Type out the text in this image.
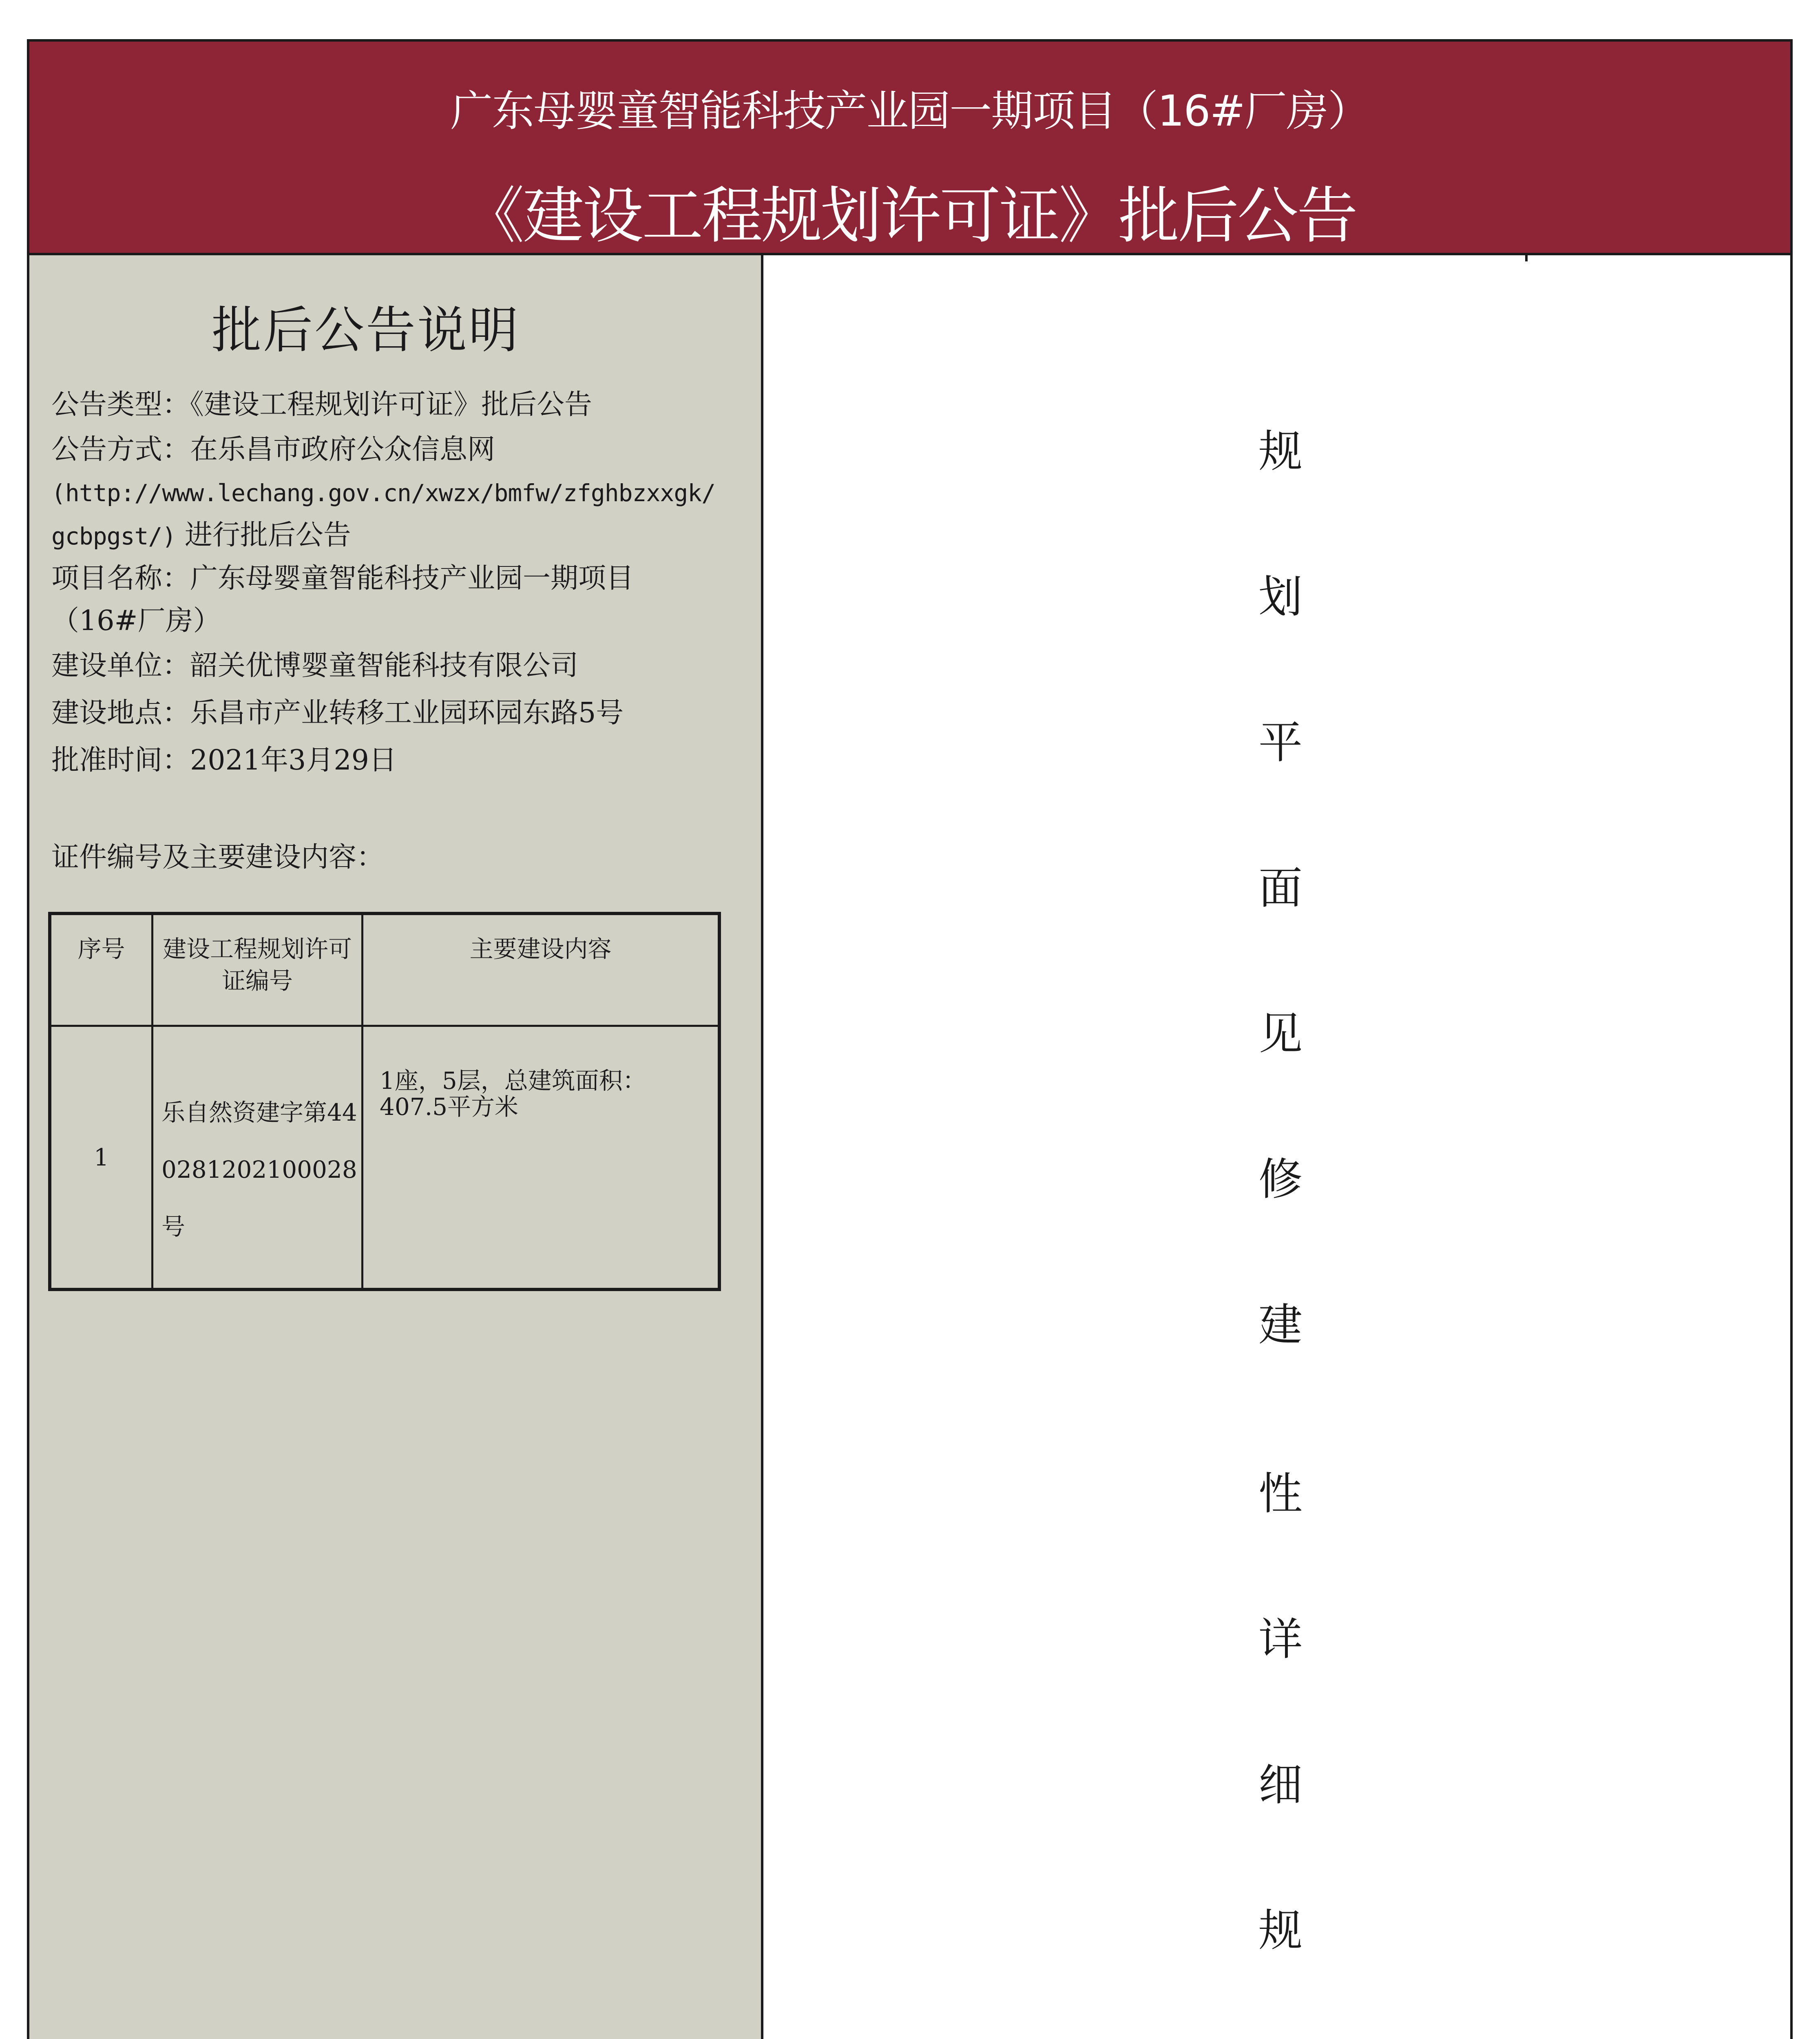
广东母婴童智能科技产业园一期项目（16#厂房）
《建设工程规划许可证》批后公告
批后公告说明
公告类型：《建设工程规划许可证》批后公告
公告方式：在乐昌市政府公众信息网
(http://www.lechang.gov.cn/xwzx/bmfw/zfghbzxxgk/gcbpgst/) 进行批后公告
项目名称：广东母婴童智能科技产业园一期项目（16#厂房）
建设单位：韶关优博婴童智能科技有限公司
建设地点：乐昌市产业转移工业园环园东路5号
批准时间：2021年3月29日
证件编号及主要建设内容：
序号	建设工程规划许可证编号	主要建设内容
1	乐自然资建字第440281202100028号	1座，5层，总建筑面积：407.5平方米
规
划
平
面
见
修
建
性
详
细
规
